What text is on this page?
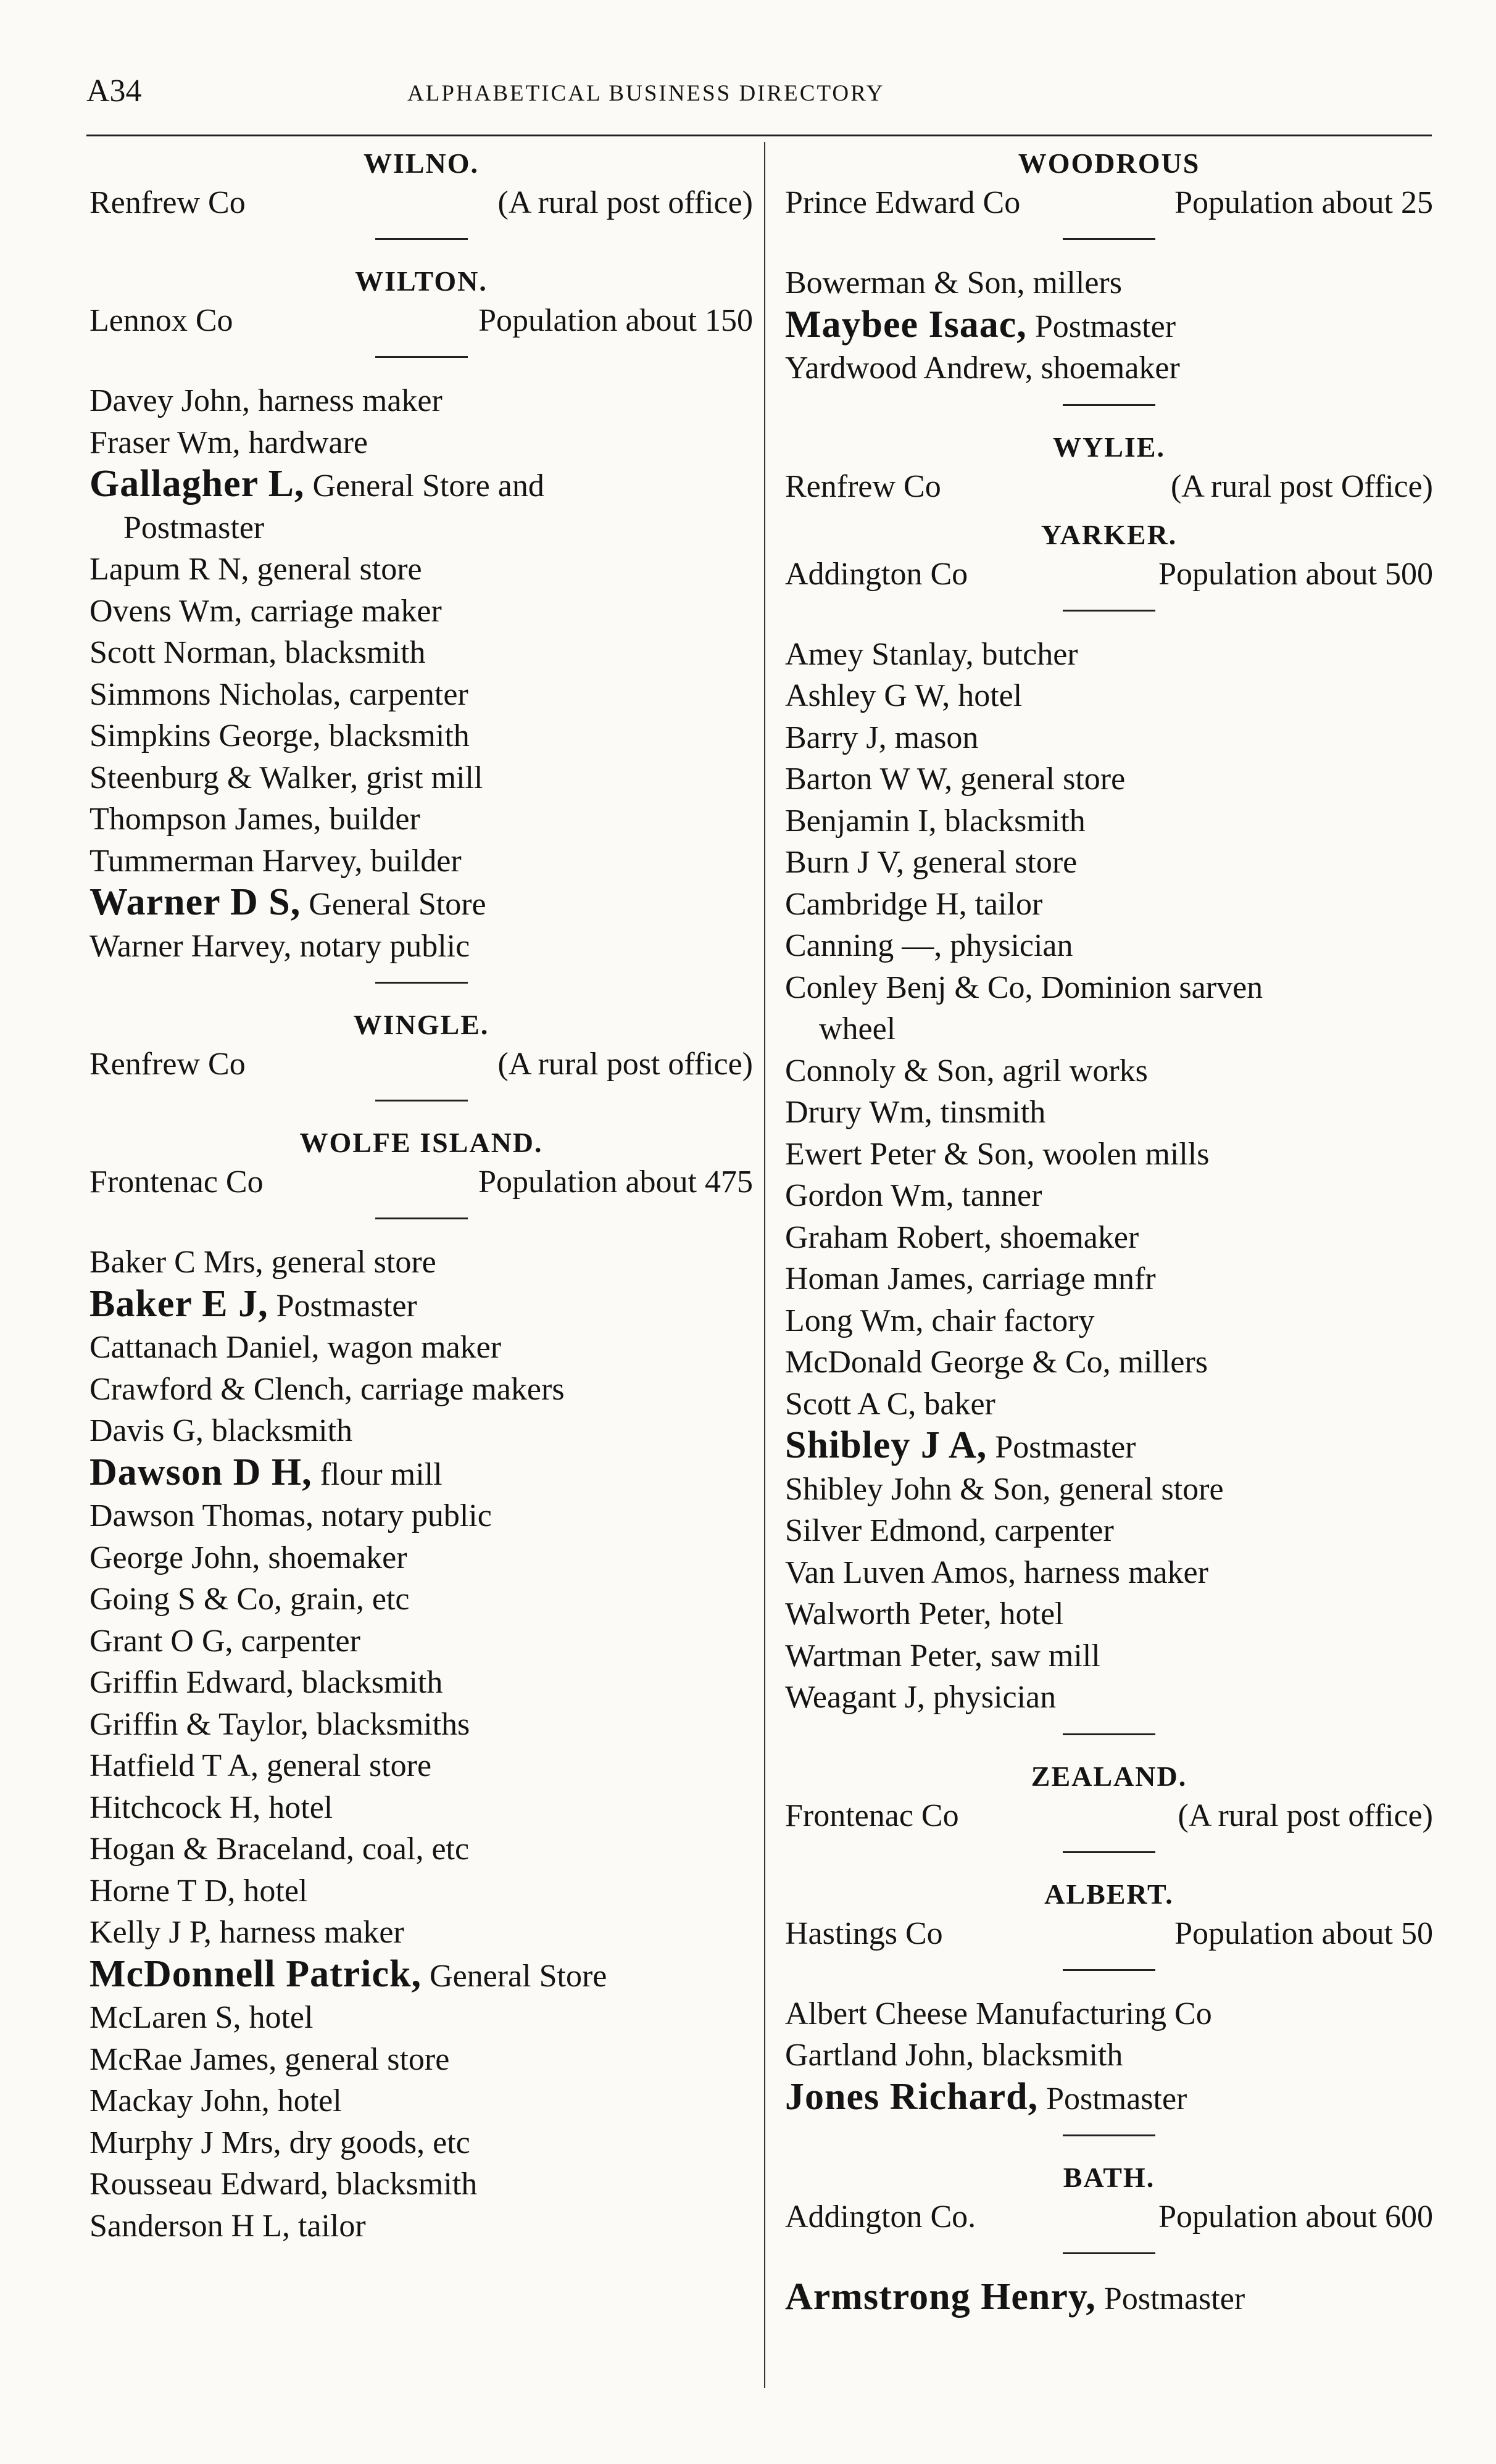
A34	ALPHABETICAL BUSINESS DIRECTORY
WILNO.
Renfrew Co	(A rural post office)
WILTON.
Lennox Co	Population about 150
Davey John, harness maker
Fraser Wm, hardware
Gallagher L, General Store and
Postmaster
Lapum R N, general store
Ovens Wm, carriage maker
Scott Norman, blacksmith
Simmons Nicholas, carpenter
Simpkins George, blacksmith
Steenburg & Walker, grist mill
Thompson James, builder
Tummerman Harvey, builder
Warner D S, General Store
Warner Harvey, notary public
WINGLE.
Renfrew Co	(A rural post office)
WOLFE ISLAND.
Frontenac Co	Population about 475
Baker C Mrs, general store
Baker E J, Postmaster
Cattanach Daniel, wagon maker
Crawford & Clench, carriage makers
Davis G, blacksmith
Dawson D H, flour mill
Dawson Thomas, notary public
George John, shoemaker
Going S & Co, grain, etc
Grant O G, carpenter
Griffin Edward, blacksmith
Griffin & Taylor, blacksmiths
Hatfield T A, general store
Hitchcock H, hotel
Hogan & Braceland, coal, etc
Horne T D, hotel
Kelly J P, harness maker
McDonnell Patrick, General Store
McLaren S, hotel
McRae James, general store
Mackay John, hotel
Murphy J Mrs, dry goods, etc
Rousseau Edward, blacksmith
Sanderson H L, tailor
WOODROUS
Prince Edward Co	Population about 25
Bowerman & Son, millers
Maybee Isaac, Postmaster
Yardwood Andrew, shoemaker
WYLIE.
Renfrew Co	(A rural post Office)
YARKER.
Addington Co	Population about 500
Amey Stanlay, butcher
Ashley G W, hotel
Barry J, mason
Barton W W, general store
Benjamin I, blacksmith
Burn J V, general store
Cambridge H, tailor
Canning —, physician
Conley Benj & Co, Dominion sarven
wheel
Connoly & Son, agril works
Drury Wm, tinsmith
Ewert Peter & Son, woolen mills
Gordon Wm, tanner
Graham Robert, shoemaker
Homan James, carriage mnfr
Long Wm, chair factory
McDonald George & Co, millers
Scott A C, baker
Shibley J A, Postmaster
Shibley John & Son, general store
Silver Edmond, carpenter
Van Luven Amos, harness maker
Walworth Peter, hotel
Wartman Peter, saw mill
Weagant J, physician
ZEALAND.
Frontenac Co	(A rural post office)
ALBERT.
Hastings Co	Population about 50
Albert Cheese Manufacturing Co
Gartland John, blacksmith
Jones Richard, Postmaster
BATH.
Addington Co.	Population about 600
Armstrong Henry, Postmaster
